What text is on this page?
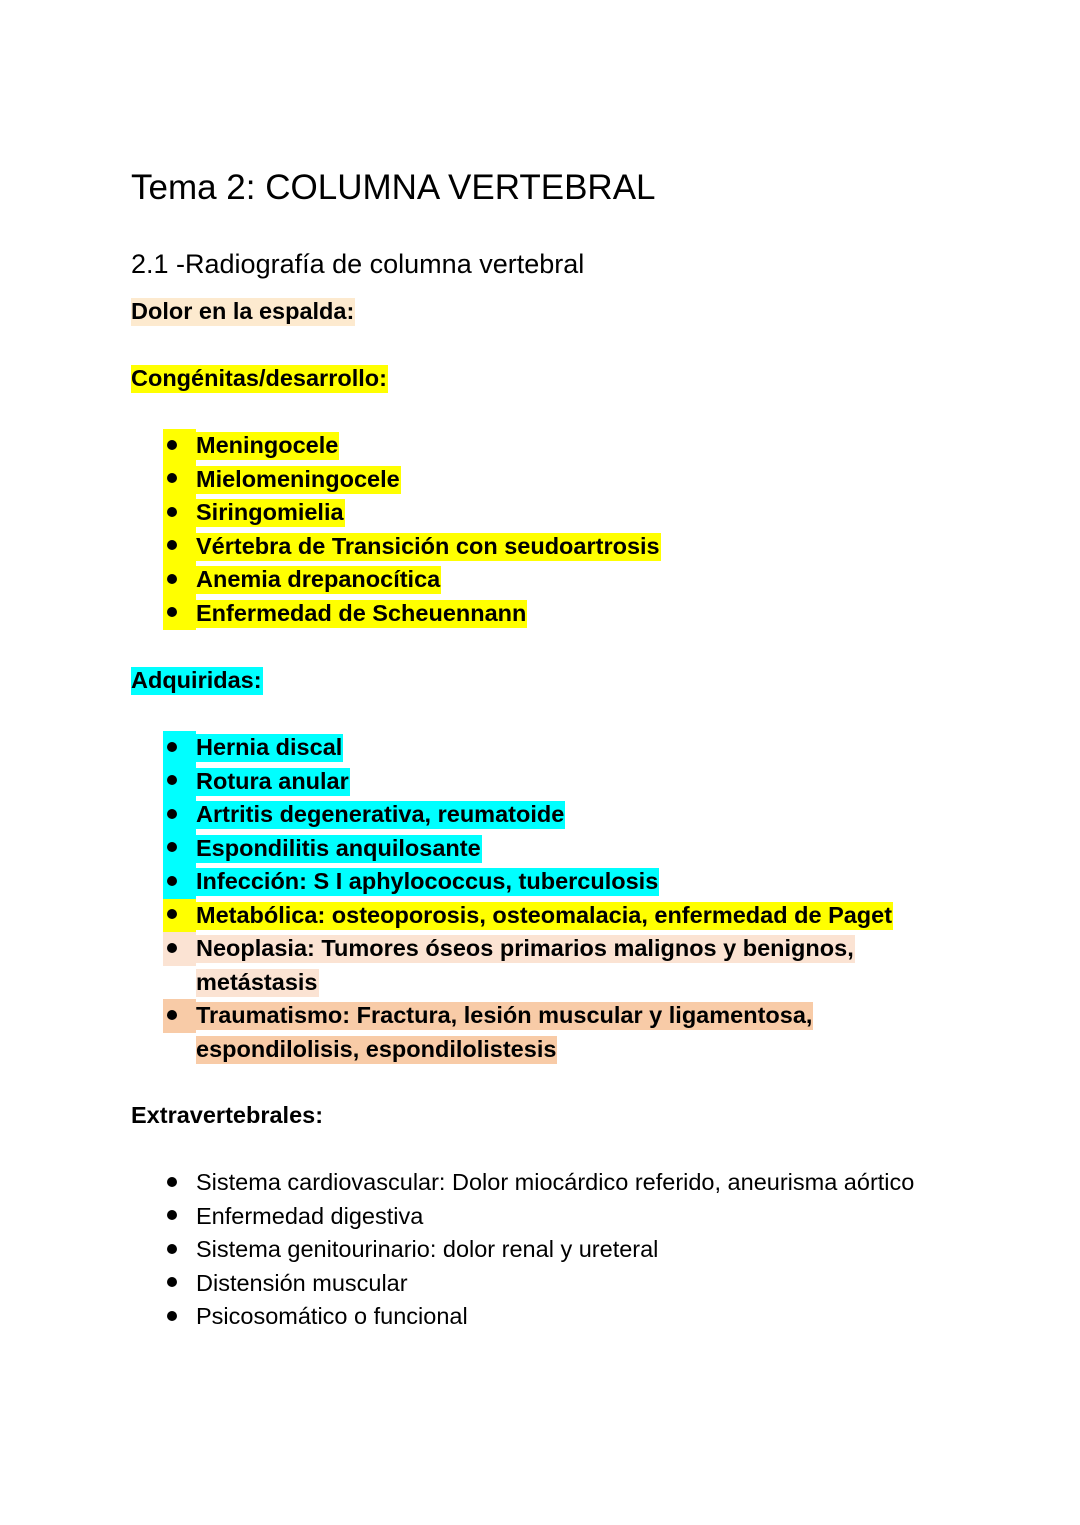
Tema 2: COLUMNA VERTEBRAL
2.1 -Radiografía de columna vertebral
Dolor en la espalda:
Congénitas/desarrollo:
Meningocele
Mielomeningocele
Siringomielia
Vértebra de Transición con seudoartrosis
Anemia drepanocítica
Enfermedad de Scheuennann
Adquiridas:
Hernia discal
Rotura anular
Artritis degenerativa, reumatoide
Espondilitis anquilosante
Infección: S I aphylococcus, tuberculosis
Metabólica: osteoporosis, osteomalacia, enfermedad de Paget
Neoplasia: Tumores óseos primarios malignos y benignos, metástasis
Traumatismo: Fractura, lesión muscular y ligamentosa, espondilolisis, espondilolistesis
Extravertebrales:
Sistema cardiovascular: Dolor miocárdico referido, aneurisma aórtico
Enfermedad digestiva
Sistema genitourinario: dolor renal y ureteral
Distensión muscular
Psicosomático o funcional
